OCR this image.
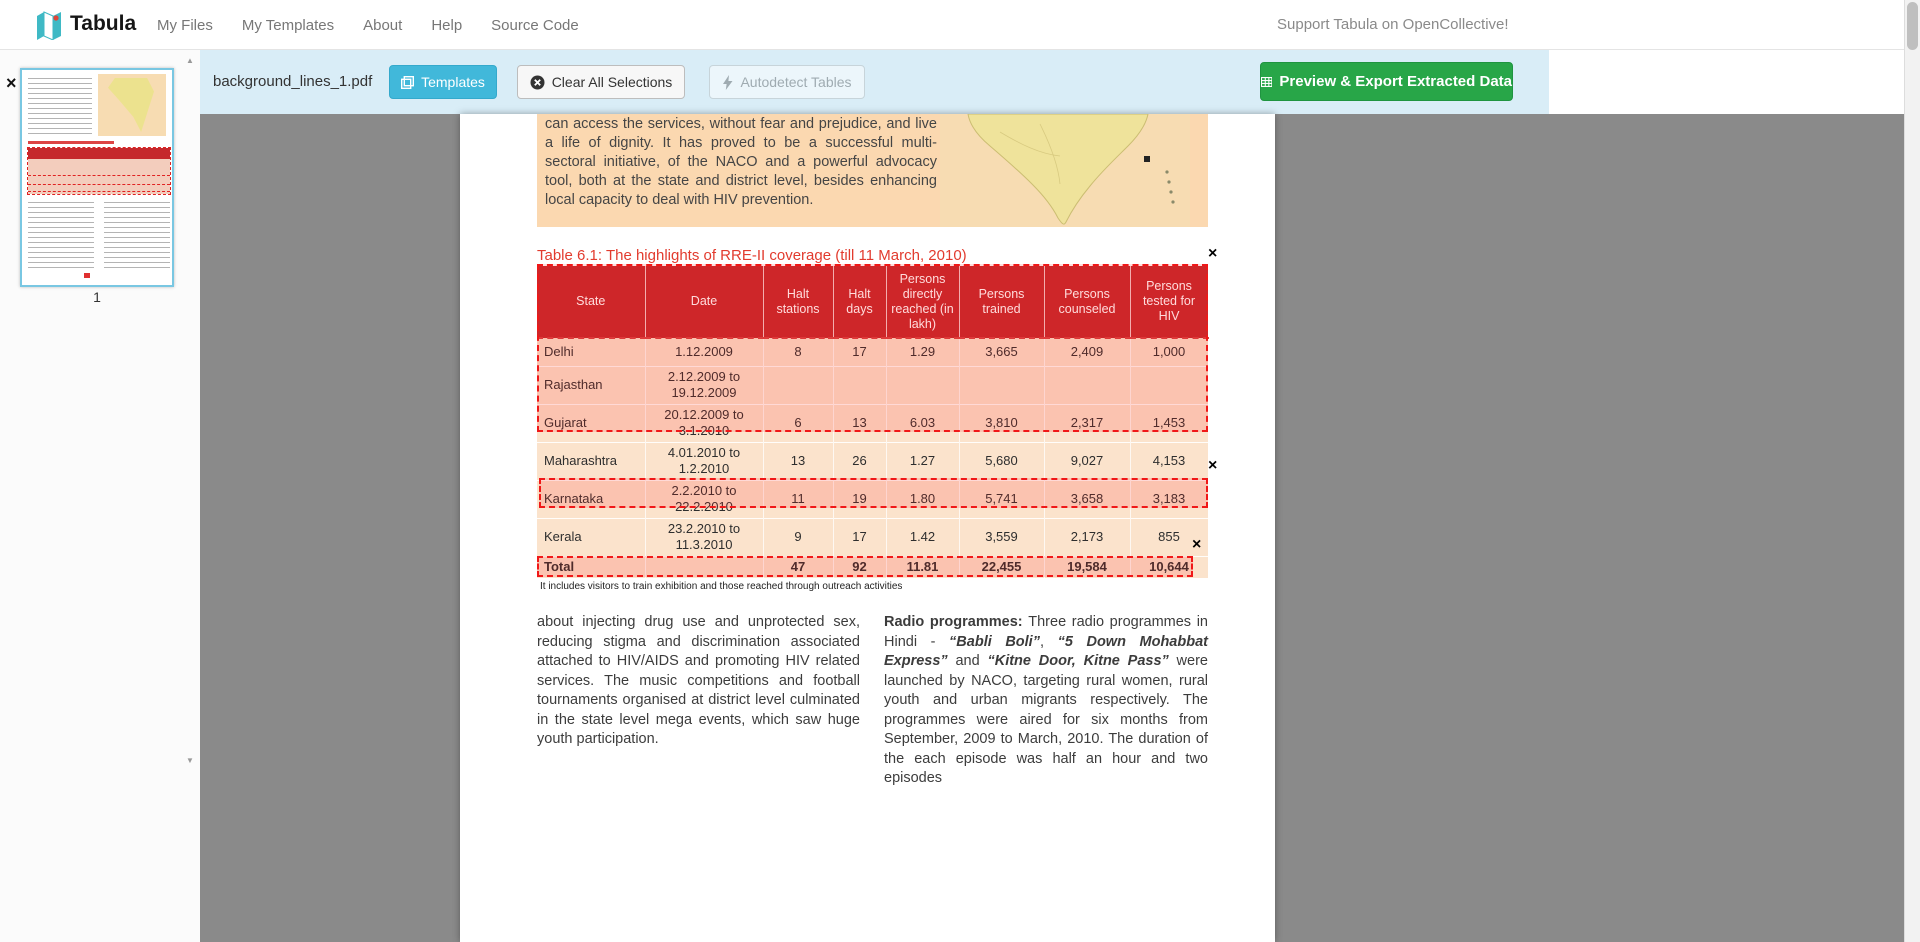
Tabula My Files My Templates About Help Source Code	Support Tabula on OpenCollective!
background_lines_1.pdf	Templates	Clear All Selections	Autodetect Tables	Preview & Export Extracted Data
×
1
▲
▼
can access the services, without fear and prejudice, and live a life of dignity. It has proved to be a successful multi-sectoral initiative, of the NACO and a powerful advocacy tool, both at the state and district level, besides enhancing local capacity to deal with HIV prevention.
Table 6.1: The highlights of RRE-II coverage (till 11 March, 2010)
State	Date	Halt stations	Halt days	Persons directly reached (in lakh)	Persons trained	Persons counseled	Persons tested for HIV
Delhi	1.12.2009	8	17	1.29	3,665	2,409	1,000
Rajasthan	2.12.2009 to 19.12.2009						
Gujarat	20.12.2009 to 3.1.2010	6	13	6.03	3,810	2,317	1,453
Maharashtra	4.01.2010 to 1.2.2010	13	26	1.27	5,680	9,027	4,153
Karnataka	2.2.2010 to 22.2.2010	11	19	1.80	5,741	3,658	3,183
Kerala	23.2.2010 to 11.3.2010	9	17	1.42	3,559	2,173	855
Total		47	92	11.81	22,455	19,584	10,644
It includes visitors to train exhibition and those reached through outreach activities
about injecting drug use and unprotected sex, reducing stigma and discrimination associated attached to HIV/AIDS and promoting HIV related services. The music competitions and football tournaments organised at district level culminated in the state level mega events, which saw huge youth participation.
Radio programmes: Three radio programmes in Hindi - “Babli Boli”, “5 Down Mohabbat Express” and “Kitne Door, Kitne Pass” were launched by NACO, targeting rural women, rural youth and urban migrants respectively. The programmes were aired for six months from September, 2009 to March, 2010. The duration of the each episode was half an hour and two episodes
×
×
×
